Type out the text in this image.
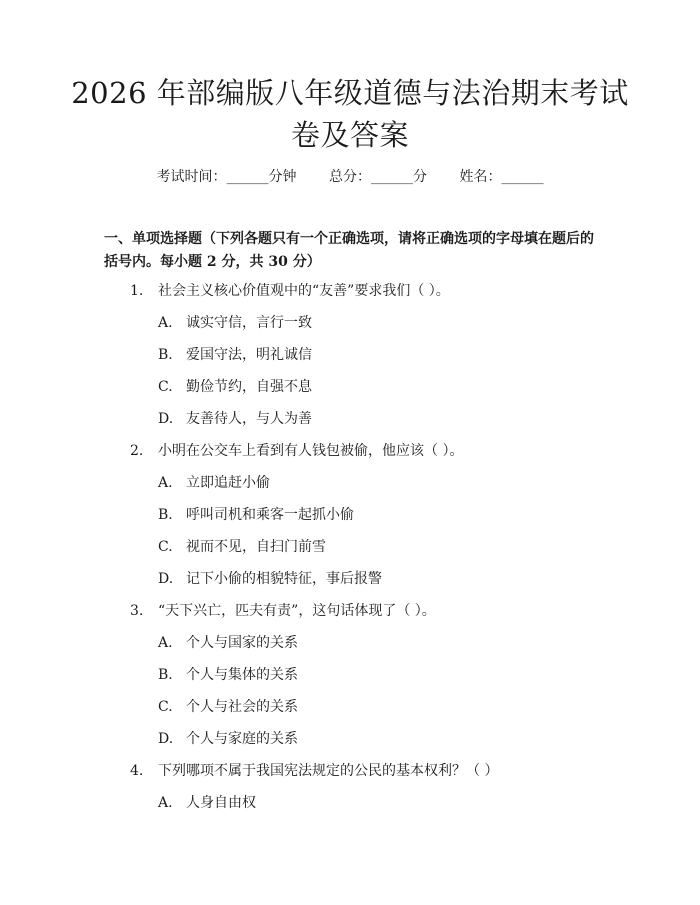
2026 年部编版八年级道德与法治期末考试卷及答案
考试时间：______分钟 总分：______分 姓名：______
一、单项选择题（下列各题只有一个正确选项，请将正确选项的字母填在题后的括号内。每小题 2 分，共 30 分）
1. 社会主义核心价值观中的“友善”要求我们（ ）。
A. 诚实守信，言行一致
B. 爱国守法，明礼诚信
C. 勤俭节约，自强不息
D. 友善待人，与人为善
2. 小明在公交车上看到有人钱包被偷，他应该（ ）。
A. 立即追赶小偷
B. 呼叫司机和乘客一起抓小偷
C. 视而不见，自扫门前雪
D. 记下小偷的相貌特征，事后报警
3. “天下兴亡，匹夫有责”，这句话体现了（ ）。
A. 个人与国家的关系
B. 个人与集体的关系
C. 个人与社会的关系
D. 个人与家庭的关系
4. 下列哪项不属于我国宪法规定的公民的基本权利？（ ）
A. 人身自由权
